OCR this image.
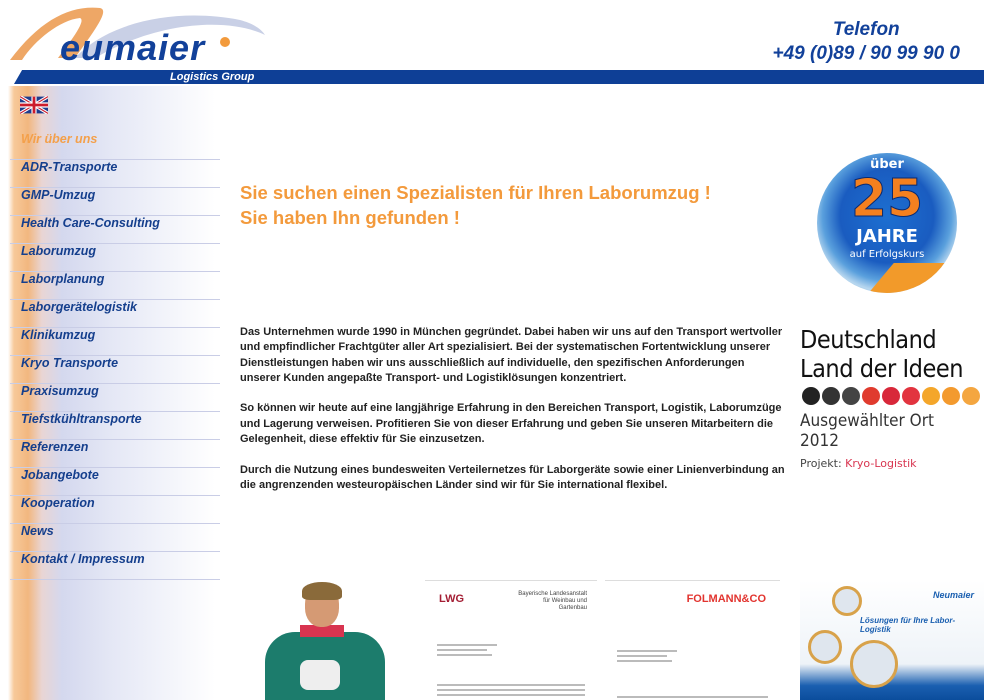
eumaier
Logistics Group
Telefon
+49 (0)89 / 90 99 90 0
Wir über uns
ADR-Transporte
GMP-Umzug
Health Care-Consulting
Laborumzug
Laborplanung
Laborgerätelogistik
Klinikumzug
Kryo Transporte
Praxisumzug
Tiefstkühltransporte
Referenzen
Jobangebote
Kooperation
News
Kontakt / Impressum
Sie suchen einen Spezialisten für Ihren Laborumzug !
Sie haben Ihn gefunden !

Das Unternehmen wurde 1990 in München gegründet. Dabei haben wir uns auf den Transport wertvoller und empfindlicher Frachtgüter aller Art spezialisiert. Bei der systematischen Fortentwicklung unserer Dienstleistungen haben wir uns ausschließlich auf individuelle, den spezifischen Anforderungen unserer Kunden angepaßte Transport- und Logistiklösungen konzentriert.

So können wir heute auf eine langjährige Erfahrung in den Bereichen Transport, Logistik, Laborumzüge und Lagerung verweisen. Profitieren Sie von dieser Erfahrung und geben Sie unseren Mitarbeitern die Gelegenheit, diese effektiv für Sie einzusetzen.

Durch die Nutzung eines bundesweiten Verteilernetzes für Laborgeräte sowie einer Linienverbindung an die angrenzenden westeuropäischen Länder sind wir für Sie international flexibel.

über
25
JAHRE
auf Erfolgskurs
Deutschland
Land der Ideen
Ausgewählter Ort 2012
Projekt: Kryo-Logistik
Bayerische Landesanstalt für Weinbau und Gartenbau
LWG	FOLMANN&CO	Neumaier
Lösungen für Ihre Labor-Logistik
